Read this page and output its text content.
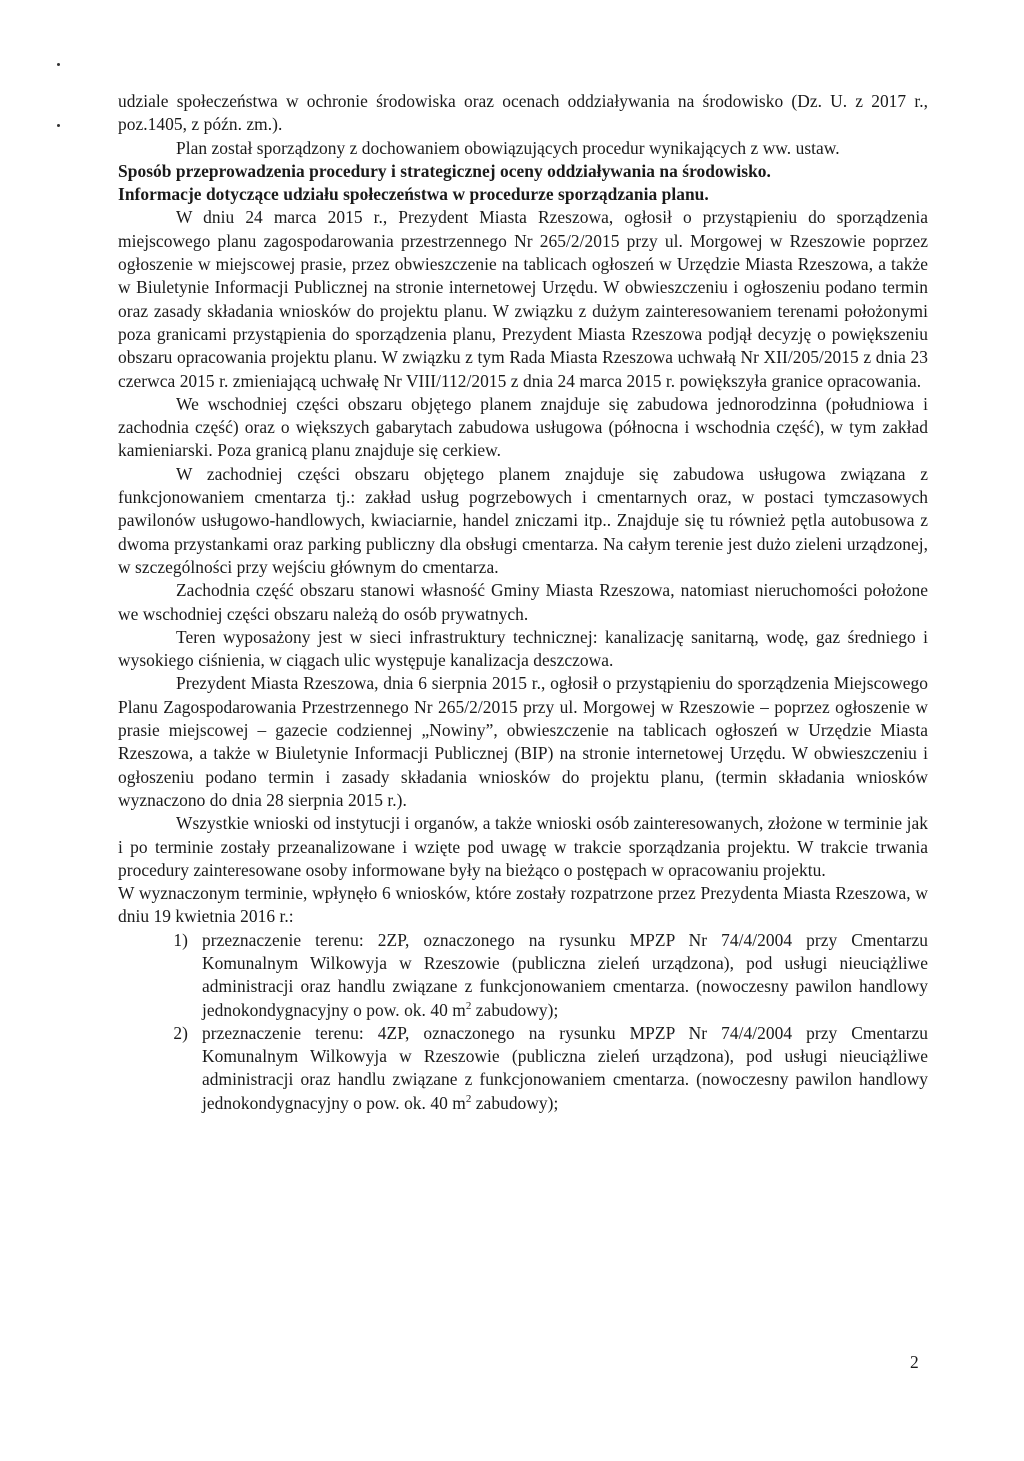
udziale społeczeństwa w ochronie środowiska oraz ocenach oddziaływania na środowisko (Dz. U. z 2017 r., poz.1405, z późn. zm.).

Plan został sporządzony z dochowaniem obowiązujących procedur wynikających z ww. ustaw.

Sposób przeprowadzenia procedury i strategicznej oceny oddziaływania na środowisko.

Informacje dotyczące udziału społeczeństwa w procedurze sporządzania planu.

W dniu 24 marca 2015 r., Prezydent Miasta Rzeszowa, ogłosił o przystąpieniu do sporządzenia miejscowego planu zagospodarowania przestrzennego Nr 265/2/2015 przy ul. Morgowej w Rzeszowie poprzez ogłoszenie w miejscowej prasie, przez obwieszczenie na tablicach ogłoszeń w Urzędzie Miasta Rzeszowa, a także w Biuletynie Informacji Publicznej na stronie internetowej Urzędu. W obwieszczeniu i ogłoszeniu podano termin oraz zasady składania wniosków do projektu planu. W związku z dużym zainteresowaniem terenami położonymi poza granicami przystąpienia do sporządzenia planu, Prezydent Miasta Rzeszowa podjął decyzję o powiększeniu obszaru opracowania projektu planu. W związku z tym Rada Miasta Rzeszowa uchwałą Nr XII/205/2015 z dnia 23 czerwca 2015 r. zmieniającą uchwałę Nr VIII/112/2015 z dnia 24 marca 2015 r. powiększyła granice opracowania.

We wschodniej części obszaru objętego planem znajduje się zabudowa jednorodzinna (południowa i zachodnia część) oraz o większych gabarytach zabudowa usługowa (północna i wschodnia część), w tym zakład kamieniarski. Poza granicą planu znajduje się cerkiew.

W zachodniej części obszaru objętego planem znajduje się zabudowa usługowa związana z funkcjonowaniem cmentarza tj.: zakład usług pogrzebowych i cmentarnych oraz, w postaci tymczasowych pawilonów usługowo-handlowych, kwiaciarnie, handel zniczami itp.. Znajduje się tu również pętla autobusowa z dwoma przystankami oraz parking publiczny dla obsługi cmentarza. Na całym terenie jest dużo zieleni urządzonej, w szczególności przy wejściu głównym do cmentarza.

Zachodnia część obszaru stanowi własność Gminy Miasta Rzeszowa, natomiast nieruchomości położone we wschodniej części obszaru należą do osób prywatnych.

Teren wyposażony jest w sieci infrastruktury technicznej: kanalizację sanitarną, wodę, gaz średniego i wysokiego ciśnienia, w ciągach ulic występuje kanalizacja deszczowa.

Prezydent Miasta Rzeszowa, dnia 6 sierpnia 2015 r., ogłosił o przystąpieniu do sporządzenia Miejscowego Planu Zagospodarowania Przestrzennego Nr 265/2/2015 przy ul. Morgowej w Rzeszowie – poprzez ogłoszenie w prasie miejscowej – gazecie codziennej „Nowiny”, obwieszczenie na tablicach ogłoszeń w Urzędzie Miasta Rzeszowa, a także w Biuletynie Informacji Publicznej (BIP) na stronie internetowej Urzędu. W obwieszczeniu i ogłoszeniu podano termin i zasady składania wniosków do projektu planu, (termin składania wniosków wyznaczono do dnia 28 sierpnia 2015 r.).

Wszystkie wnioski od instytucji i organów, a także wnioski osób zainteresowanych, złożone w terminie jak i po terminie zostały przeanalizowane i wzięte pod uwagę w trakcie sporządzania projektu. W trakcie trwania procedury zainteresowane osoby informowane były na bieżąco o postępach w opracowaniu projektu.

W wyznaczonym terminie, wpłynęło 6 wniosków, które zostały rozpatrzone przez Prezydenta Miasta Rzeszowa, w dniu 19 kwietnia 2016 r.:

1) przeznaczenie terenu: 2ZP, oznaczonego na rysunku MPZP Nr 74/4/2004 przy Cmentarzu Komunalnym Wilkowyja w Rzeszowie (publiczna zieleń urządzona), pod usługi nieuciążliwe administracji oraz handlu związane z funkcjonowaniem cmentarza. (nowoczesny pawilon handlowy jednokondygnacyjny o pow. ok. 40 $m^2$ zabudowy);
2) przeznaczenie terenu: 4ZP, oznaczonego na rysunku MPZP Nr 74/4/2004 przy Cmentarzu Komunalnym Wilkowyja w Rzeszowie (publiczna zieleń urządzona), pod usługi nieuciążliwe administracji oraz handlu związane z funkcjonowaniem cmentarza. (nowoczesny pawilon handlowy jednokondygnacyjny o pow. ok. 40 $m^2$ zabudowy);
2
